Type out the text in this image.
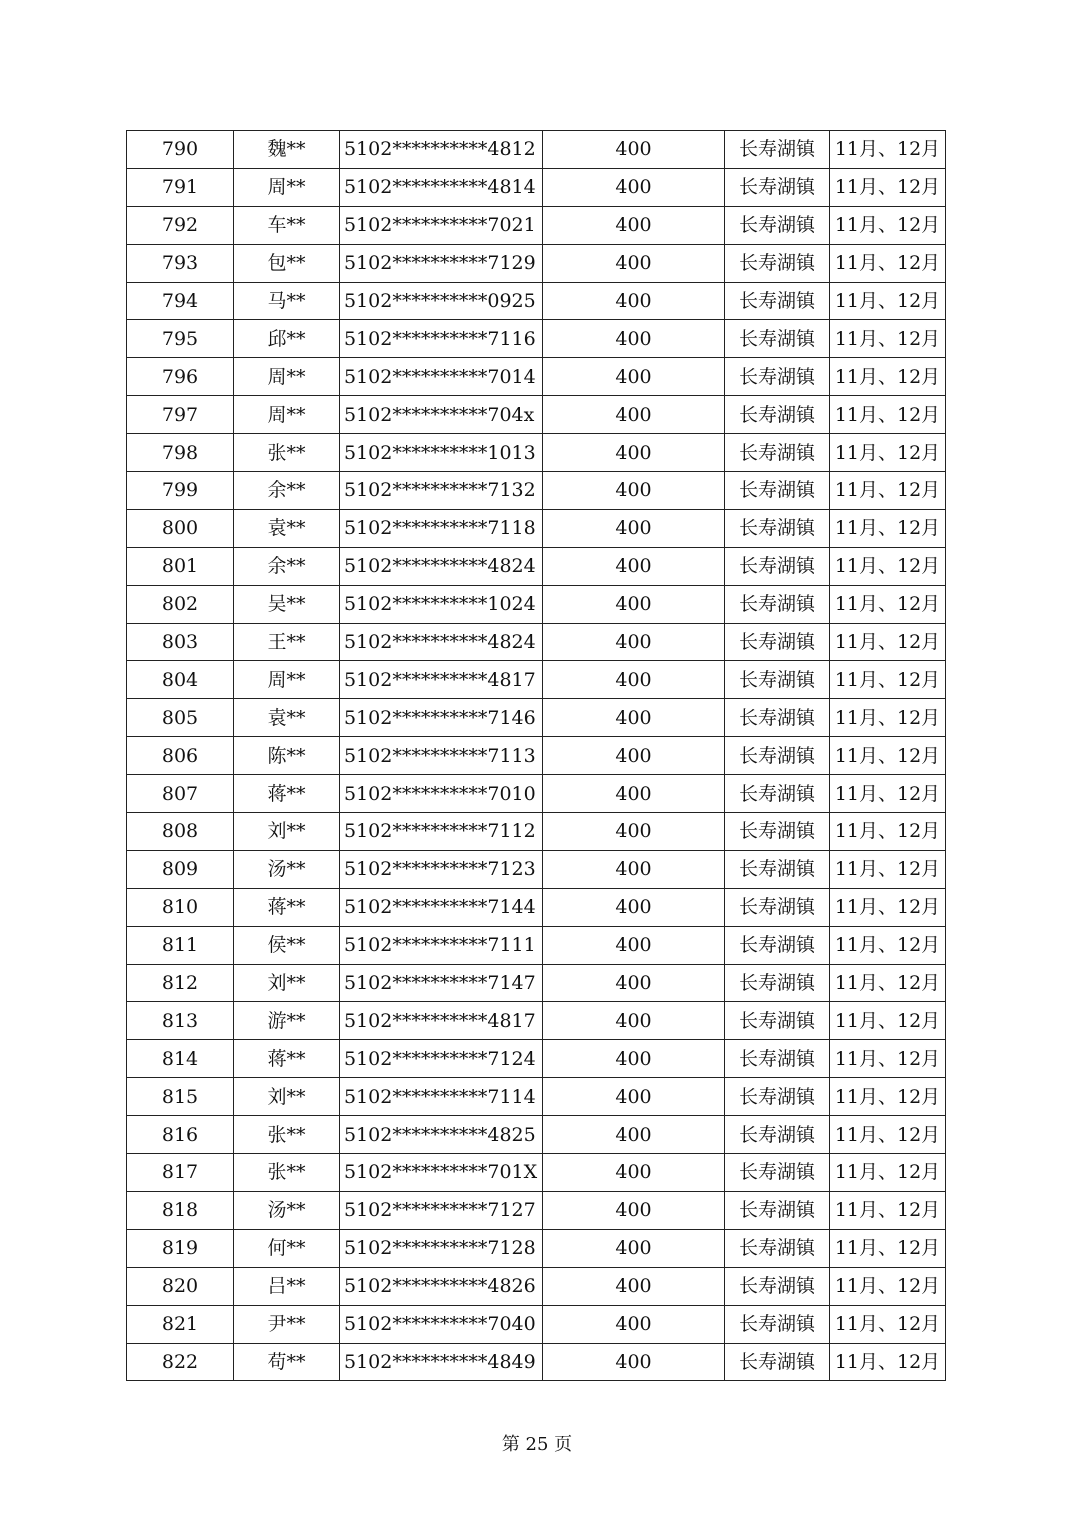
790	魏**	5102**********4812	400	长寿湖镇	11月、12月
791	周**	5102**********4814	400	长寿湖镇	11月、12月
792	车**	5102**********7021	400	长寿湖镇	11月、12月
793	包**	5102**********7129	400	长寿湖镇	11月、12月
794	马**	5102**********0925	400	长寿湖镇	11月、12月
795	邱**	5102**********7116	400	长寿湖镇	11月、12月
796	周**	5102**********7014	400	长寿湖镇	11月、12月
797	周**	5102**********704x	400	长寿湖镇	11月、12月
798	张**	5102**********1013	400	长寿湖镇	11月、12月
799	余**	5102**********7132	400	长寿湖镇	11月、12月
800	袁**	5102**********7118	400	长寿湖镇	11月、12月
801	余**	5102**********4824	400	长寿湖镇	11月、12月
802	吴**	5102**********1024	400	长寿湖镇	11月、12月
803	王**	5102**********4824	400	长寿湖镇	11月、12月
804	周**	5102**********4817	400	长寿湖镇	11月、12月
805	袁**	5102**********7146	400	长寿湖镇	11月、12月
806	陈**	5102**********7113	400	长寿湖镇	11月、12月
807	蒋**	5102**********7010	400	长寿湖镇	11月、12月
808	刘**	5102**********7112	400	长寿湖镇	11月、12月
809	汤**	5102**********7123	400	长寿湖镇	11月、12月
810	蒋**	5102**********7144	400	长寿湖镇	11月、12月
811	侯**	5102**********7111	400	长寿湖镇	11月、12月
812	刘**	5102**********7147	400	长寿湖镇	11月、12月
813	游**	5102**********4817	400	长寿湖镇	11月、12月
814	蒋**	5102**********7124	400	长寿湖镇	11月、12月
815	刘**	5102**********7114	400	长寿湖镇	11月、12月
816	张**	5102**********4825	400	长寿湖镇	11月、12月
817	张**	5102**********701X	400	长寿湖镇	11月、12月
818	汤**	5102**********7127	400	长寿湖镇	11月、12月
819	何**	5102**********7128	400	长寿湖镇	11月、12月
820	吕**	5102**********4826	400	长寿湖镇	11月、12月
821	尹**	5102**********7040	400	长寿湖镇	11月、12月
822	苟**	5102**********4849	400	长寿湖镇	11月、12月
第 25 页
